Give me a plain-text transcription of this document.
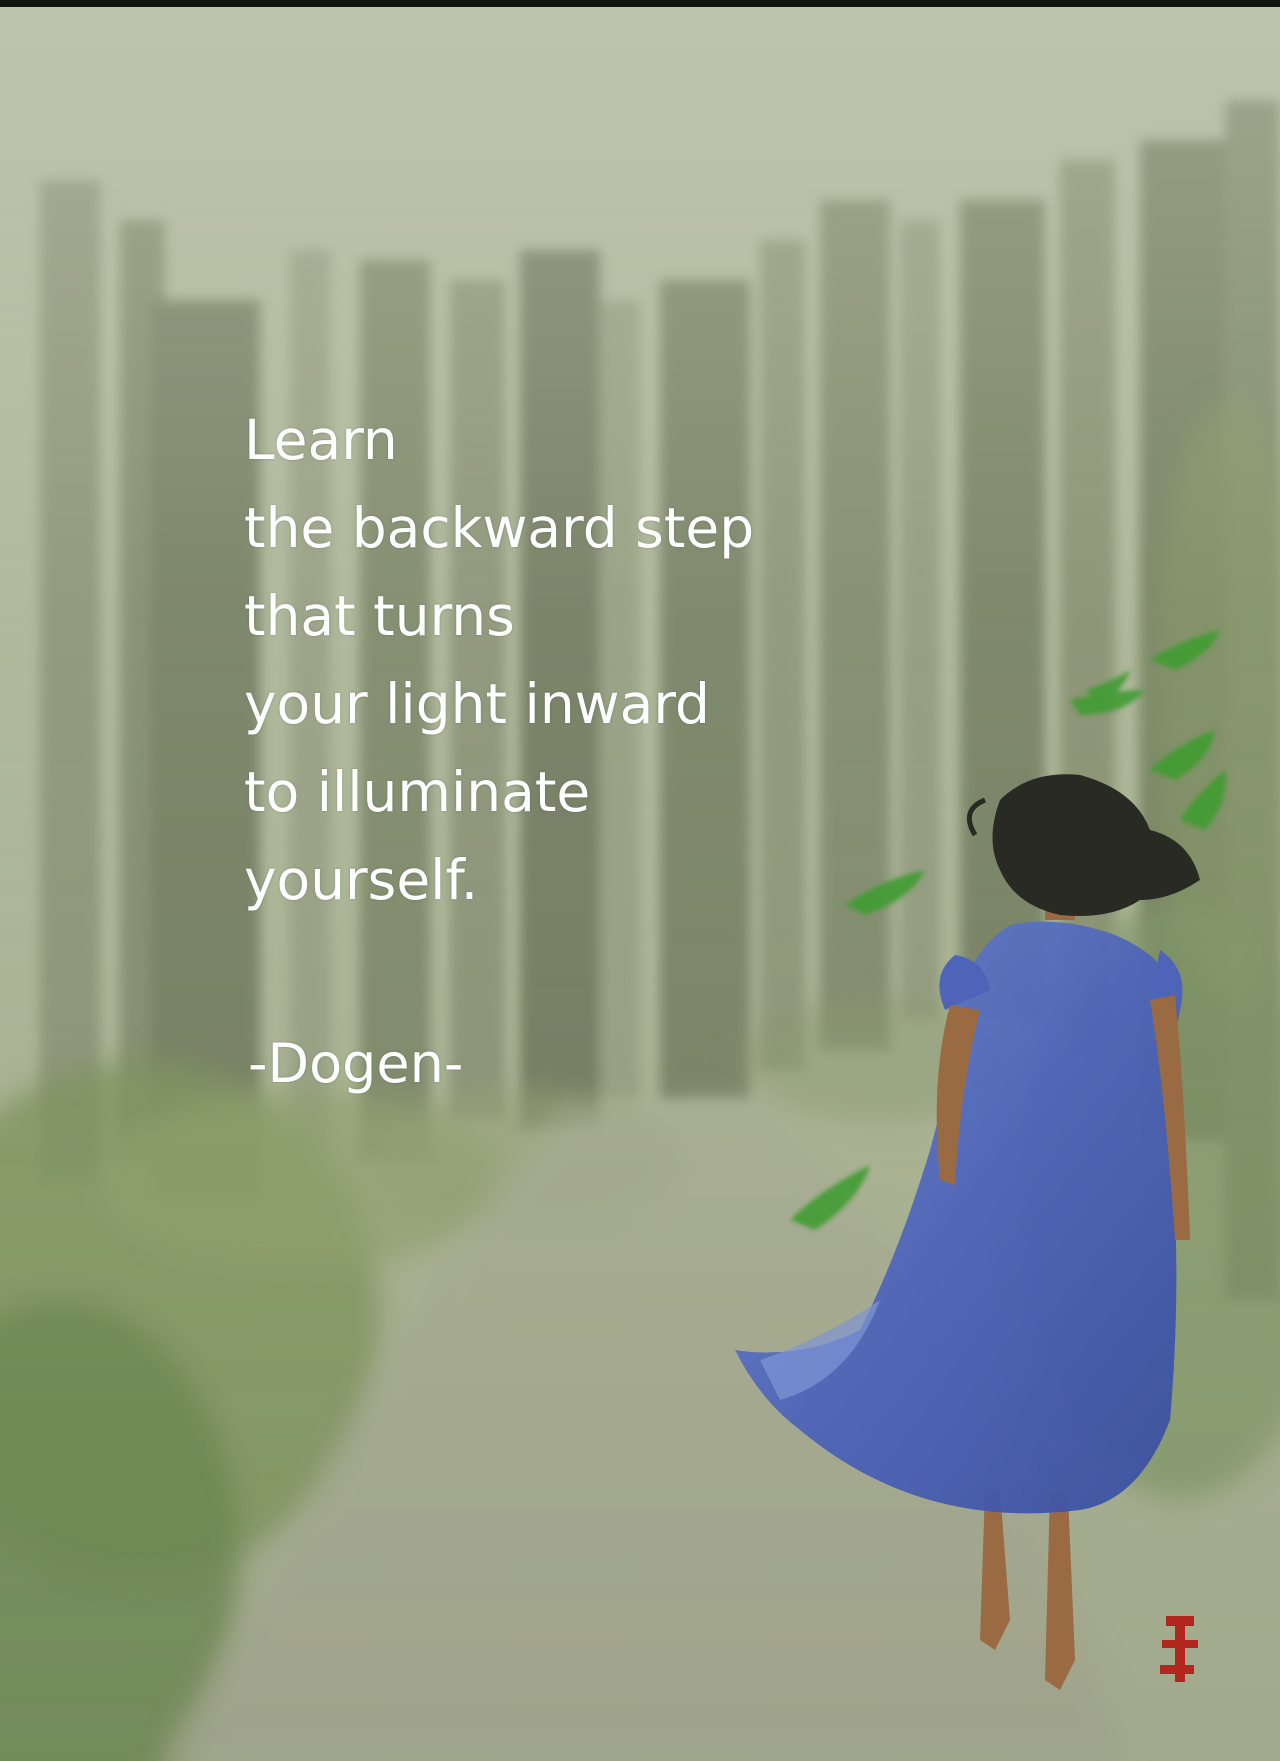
Learn
the backward step
that turns
your light inward
to illuminate
yourself.

-Dogen-
